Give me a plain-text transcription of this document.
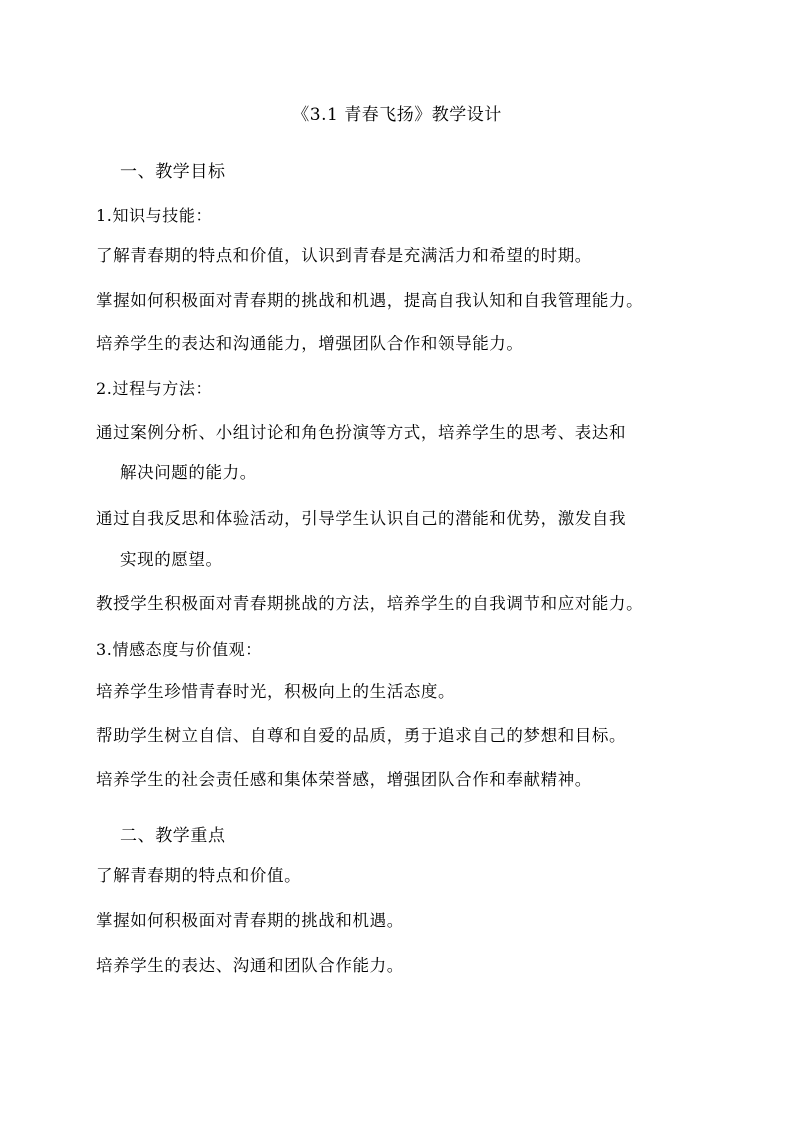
《3.1 青春飞扬》教学设计
一、教学目标
1.知识与技能：
了解青春期的特点和价值，认识到青春是充满活力和希望的时期。
掌握如何积极面对青春期的挑战和机遇，提高自我认知和自我管理能力。
培养学生的表达和沟通能力，增强团队合作和领导能力。
2.过程与方法：
通过案例分析、小组讨论和角色扮演等方式，培养学生的思考、表达和
解决问题的能力。
通过自我反思和体验活动，引导学生认识自己的潜能和优势，激发自我
实现的愿望。
教授学生积极面对青春期挑战的方法，培养学生的自我调节和应对能力。
3.情感态度与价值观：
培养学生珍惜青春时光，积极向上的生活态度。
帮助学生树立自信、自尊和自爱的品质，勇于追求自己的梦想和目标。
培养学生的社会责任感和集体荣誉感，增强团队合作和奉献精神。
二、教学重点
了解青春期的特点和价值。
掌握如何积极面对青春期的挑战和机遇。
培养学生的表达、沟通和团队合作能力。
